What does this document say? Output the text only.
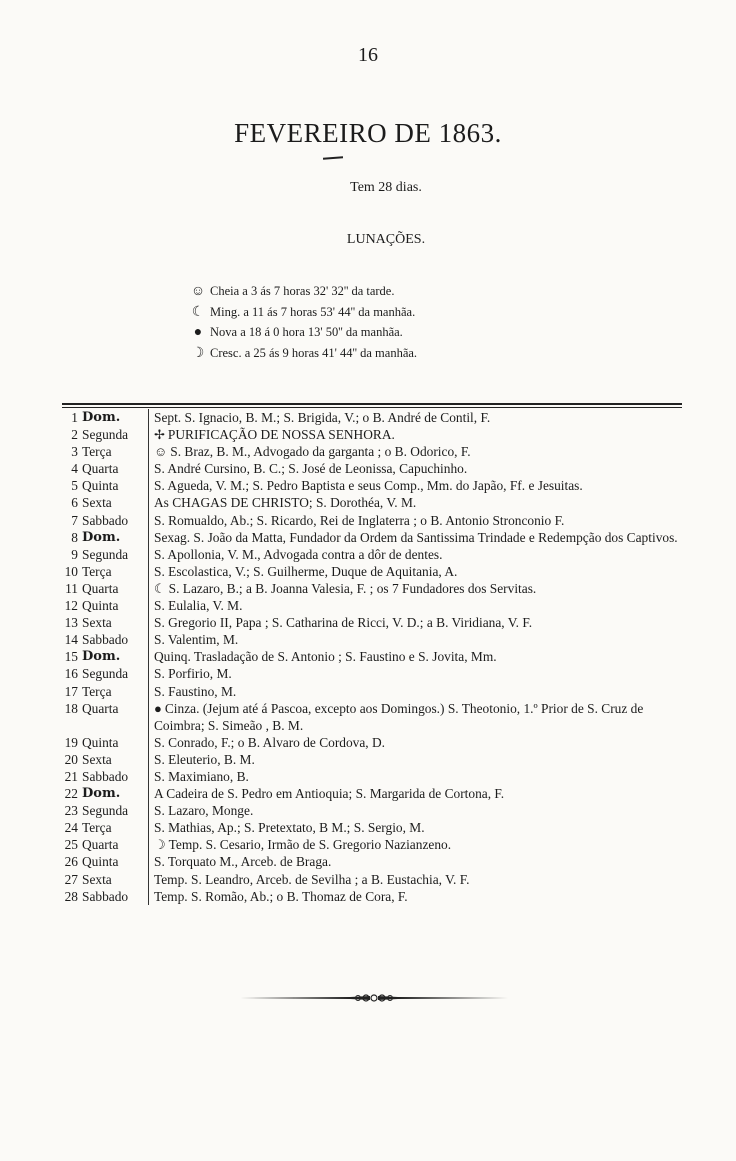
16
FEVEREIRO DE 1863.
Tem 28 dias.
LUNAÇÕES.
☺ Cheia a 3 ás 7 horas 32' 32'' da tarde.
☾ Ming. a 11 ás 7 horas 53' 44'' da manhãa.
● Nova a 18 á 0 hora 13' 50'' da manhãa.
☽ Cresc. a 25 ás 9 horas 41' 44'' da manhãa.
1	Dom.	Sept. S. Ignacio, B. M.; S. Brigida, V.; o B. André de Contil, F.
2	Segunda	✢ PURIFICAÇÃO DE NOSSA SENHORA.
3	Terça	☺ S. Braz, B. M., Advogado da garganta ; o B. Odorico, F.
4	Quarta	S. André Cursino, B. C.; S. José de Leonissa, Capuchinho.
5	Quinta	S. Agueda, V. M.; S. Pedro Baptista e seus Comp., Mm. do Japão, Ff. e Jesuitas.
6	Sexta	As CHAGAS DE CHRISTO; S. Dorothéa, V. M.
7	Sabbado	S. Romualdo, Ab.; S. Ricardo, Rei de Inglaterra ; o B. Antonio Stronconio F.
8	Dom.	Sexag. S. João da Matta, Fundador da Ordem da Santissima Trindade e Redempção dos Captivos.
9	Segunda	S. Apollonia, V. M., Advogada contra a dôr de dentes.
10	Terça	S. Escolastica, V.; S. Guilherme, Duque de Aquitania, A.
11	Quarta	☾ S. Lazaro, B.; a B. Joanna Valesia, F. ; os 7 Fundadores dos Servitas.
12	Quinta	S. Eulalia, V. M.
13	Sexta	S. Gregorio II, Papa ; S. Catharina de Ricci, V. D.; a B. Viridiana, V. F.
14	Sabbado	S. Valentim, M.
15	Dom.	Quinq. Trasladação de S. Antonio ; S. Faustino e S. Jovita, Mm.
16	Segunda	S. Porfirio, M.
17	Terça	S. Faustino, M.
18	Quarta	● Cinza. (Jejum até á Pascoa, excepto aos Domingos.) S. Theotonio, 1.º Prior de S. Cruz de Coimbra; S. Simeão , B. M.
19	Quinta	S. Conrado, F.; o B. Alvaro de Cordova, D.
20	Sexta	S. Eleuterio, B. M.
21	Sabbado	S. Maximiano, B.
22	Dom.	A Cadeira de S. Pedro em Antioquia; S. Margarida de Cortona, F.
23	Segunda	S. Lazaro, Monge.
24	Terça	S. Mathias, Ap.; S. Pretextato, B M.; S. Sergio, M.
25	Quarta	☽ Temp. S. Cesario, Irmão de S. Gregorio Nazianzeno.
26	Quinta	S. Torquato M., Arceb. de Braga.
27	Sexta	Temp. S. Leandro, Arceb. de Sevilha ; a B. Eustachia, V. F.
28	Sabbado	Temp. S. Romão, Ab.; o B. Thomaz de Cora, F.
